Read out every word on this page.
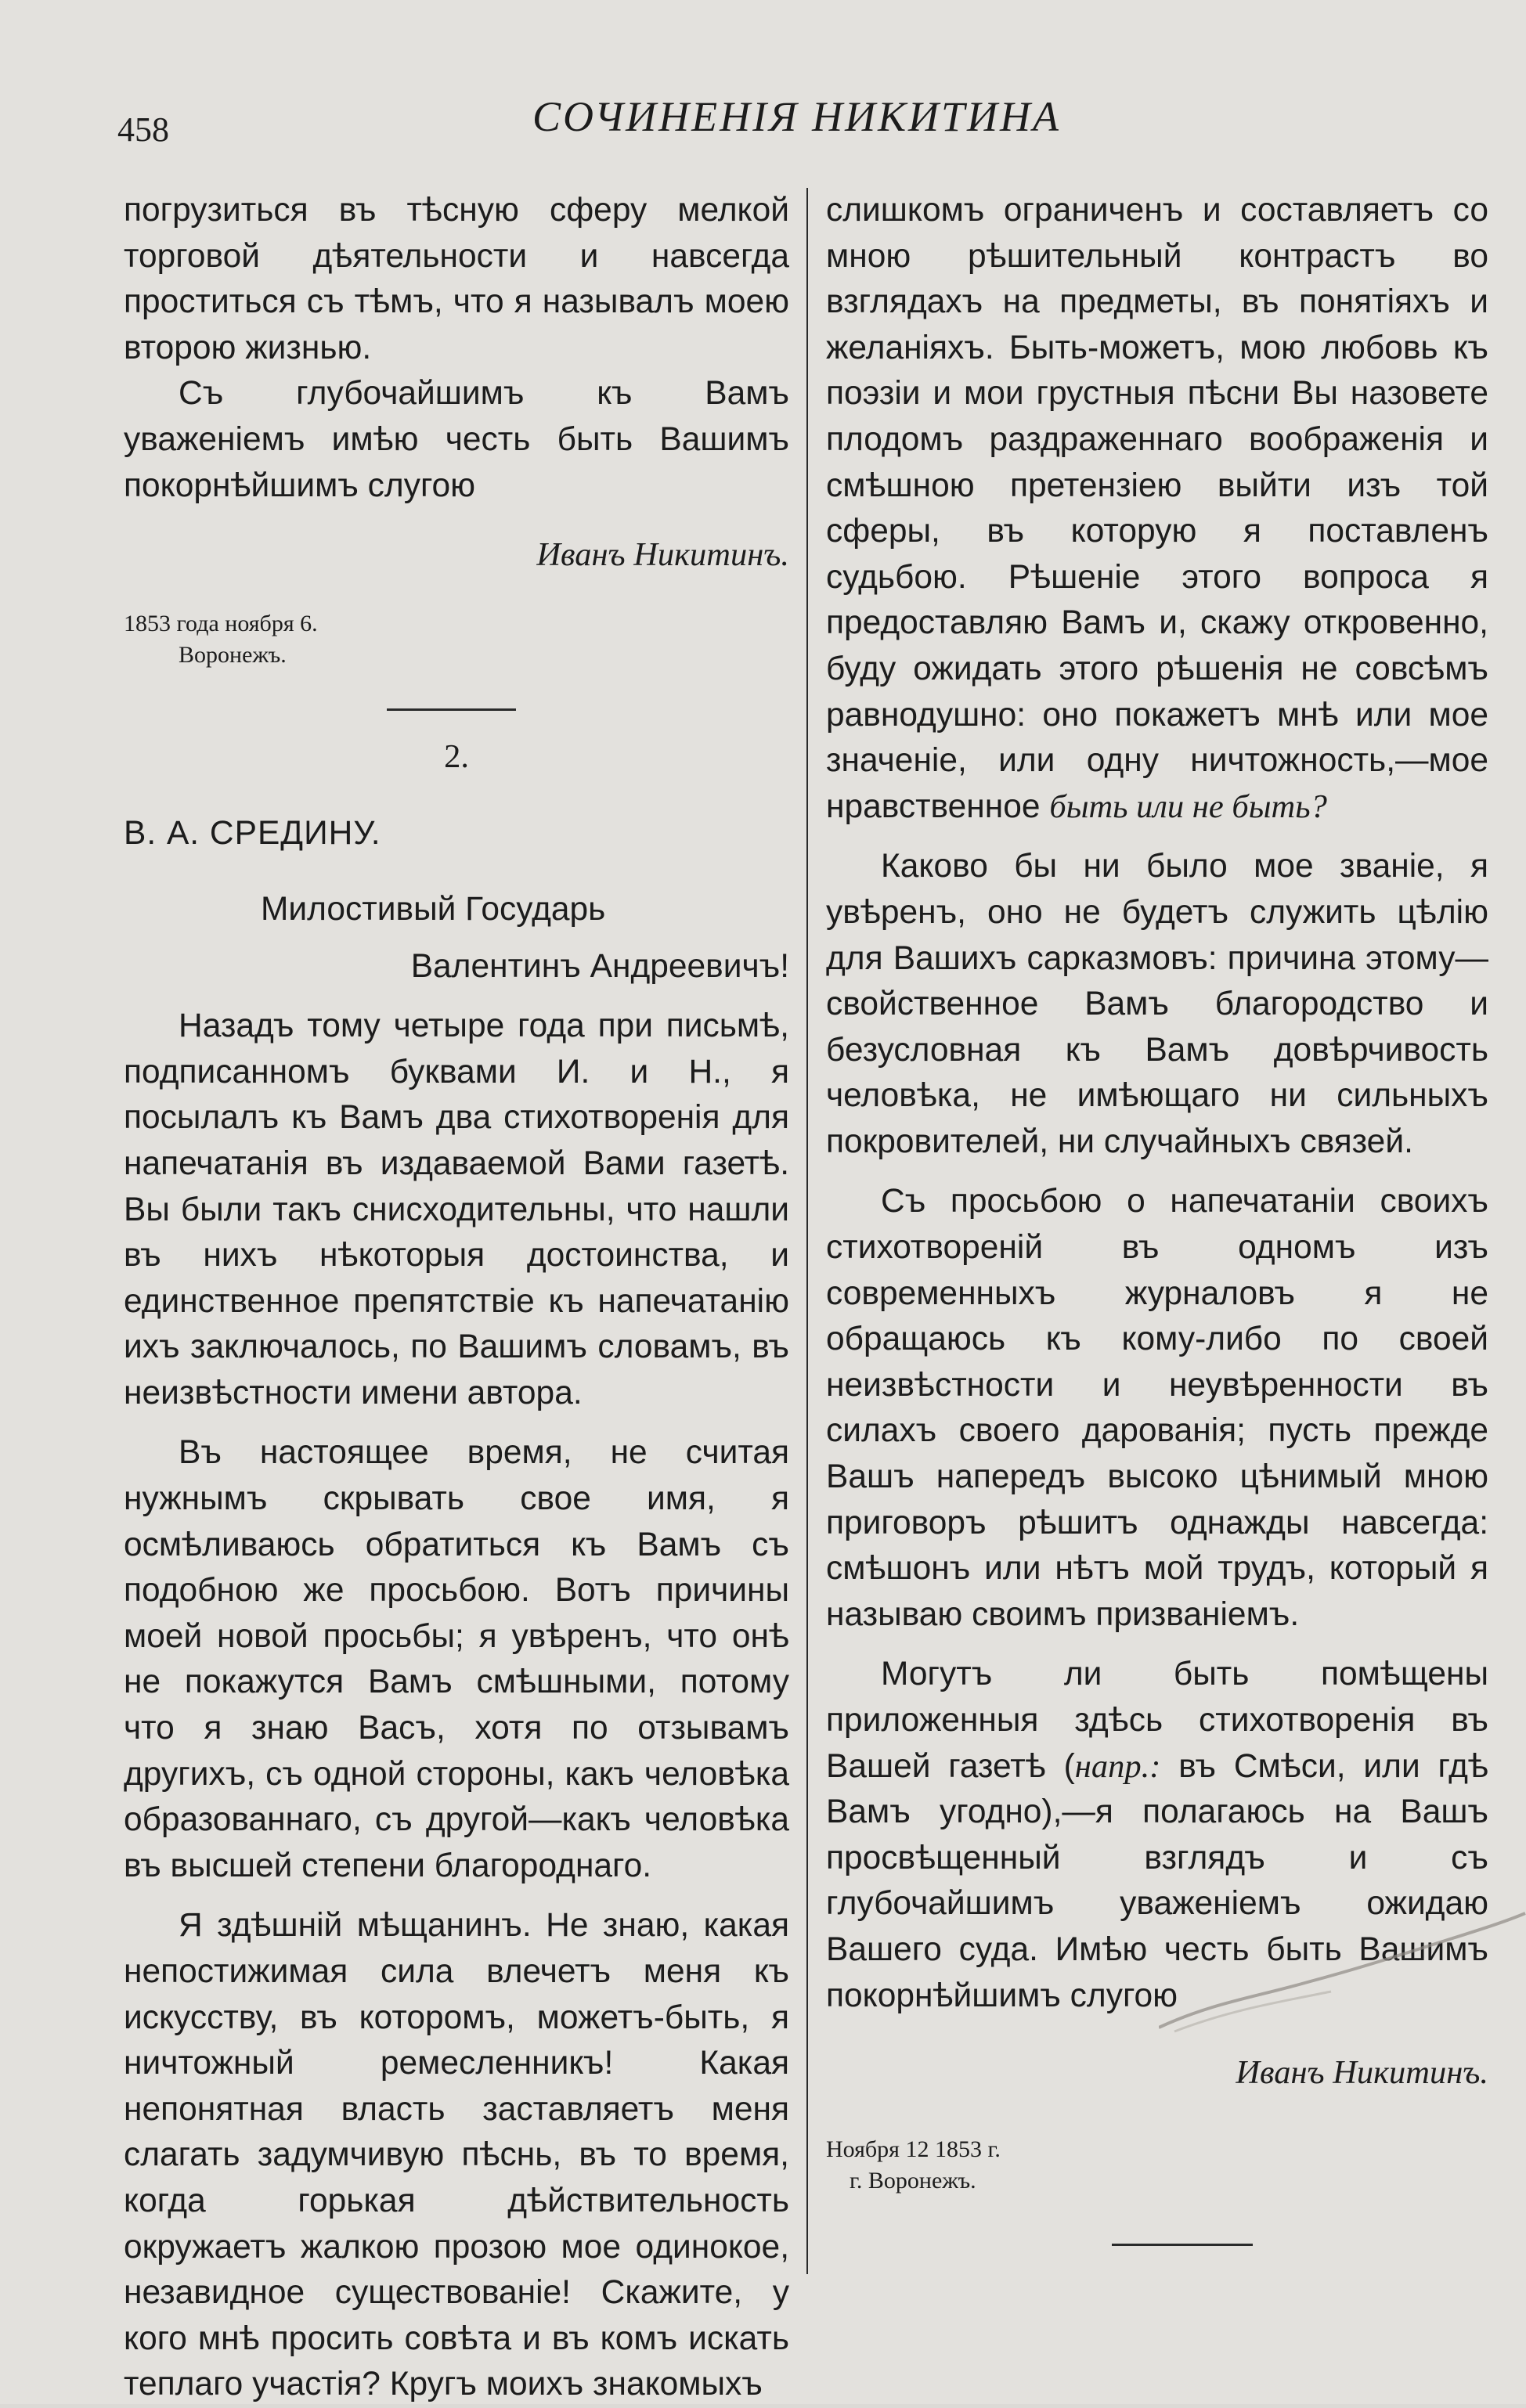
458	СОЧИНЕНIЯ НИКИТИНА

погрузиться въ тѣсную сферу мелкой торговой дѣятельности и навсегда проститься съ тѣмъ, что я называлъ моею второю жизнью.

Съ глубочайшимъ къ Вамъ уваженiемъ имѣю честь быть Вашимъ покорнѣйшимъ слугою

Иванъ Никитинъ.

1853 года ноября 6.
Воронежъ.
2.
В. А. СРЕДИНУ.
Милостивый Государь
Валентинъ Андреевичъ!

Назадъ тому четыре года при письмѣ, подписанномъ буквами И. и Н., я посылалъ къ Вамъ два стихотворенiя для напечатанiя въ издаваемой Вами газетѣ. Вы были такъ снисходительны, что нашли въ нихъ нѣкоторыя достоинства, и единственное препятствiе къ напечатанiю ихъ заключалось, по Вашимъ словамъ, въ неизвѣстности имени автора.

Въ настоящее время, не считая нужнымъ скрывать свое имя, я осмѣливаюсь обратиться къ Вамъ съ подобною же просьбою. Вотъ причины моей новой просьбы; я увѣренъ, что онѣ не покажутся Вамъ смѣшными, потому что я знаю Васъ, хотя по отзывамъ другихъ, съ одной стороны, какъ человѣка образованнаго, съ другой—какъ человѣка въ высшей степени благороднаго.

Я здѣшнiй мѣщанинъ. Не знаю, какая непостижимая сила влечетъ меня къ искусству, въ которомъ, можетъ-быть, я ничтожный ремесленникъ! Какая непонятная власть заставляетъ меня слагать задумчивую пѣснь, въ то время, когда горькая дѣйствительность окружаетъ жалкою прозою мое одинокое, незавидное существованiе! Скажите, у кого мнѣ просить совѣта и въ комъ искать теплаго участiя? Кругъ моихъ знакомыхъ

слишкомъ ограниченъ и составляетъ со мною рѣшительный контрастъ во взглядахъ на предметы, въ понятiяхъ и желанiяхъ. Быть-можетъ, мою любовь къ поэзiи и мои грустныя пѣсни Вы назовете плодомъ раздраженнаго воображенiя и смѣшною претензiею выйти изъ той сферы, въ которую я поставленъ судьбою. Рѣшенiе этого вопроса я предоставляю Вамъ и, скажу откровенно, буду ожидать этого рѣшенiя не совсѣмъ равнодушно: оно покажетъ мнѣ или мое значенiе, или одну ничтожность,—мое нравственное быть или не быть?

Каково бы ни было мое званiе, я увѣренъ, оно не будетъ служить цѣлiю для Вашихъ сарказмовъ: причина этому—свойственное Вамъ благородство и безусловная къ Вамъ довѣрчивость человѣка, не имѣющаго ни сильныхъ покровителей, ни случайныхъ связей.

Съ просьбою о напечатанiи своихъ стихотворенiй въ одномъ изъ современныхъ журналовъ я не обращаюсь къ кому-либо по своей неизвѣстности и неувѣренности въ силахъ своего дарованiя; пусть прежде Вашъ напередъ высоко цѣнимый мною приговоръ рѣшитъ однажды навсегда: смѣшонъ или нѣтъ мой трудъ, который я называю своимъ призванiемъ.

Могутъ ли быть помѣщены приложенныя здѣсь стихотворенiя въ Вашей газетѣ (напр.: въ Смѣси, или гдѣ Вамъ угодно),—я полагаюсь на Вашъ просвѣщенный взглядъ и съ глубочайшимъ уваженiемъ ожидаю Вашего суда. Имѣю честь быть Вашимъ покорнѣйшимъ слугою

Иванъ Никитинъ.

Ноября 12 1853 г.
г. Воронежъ.
